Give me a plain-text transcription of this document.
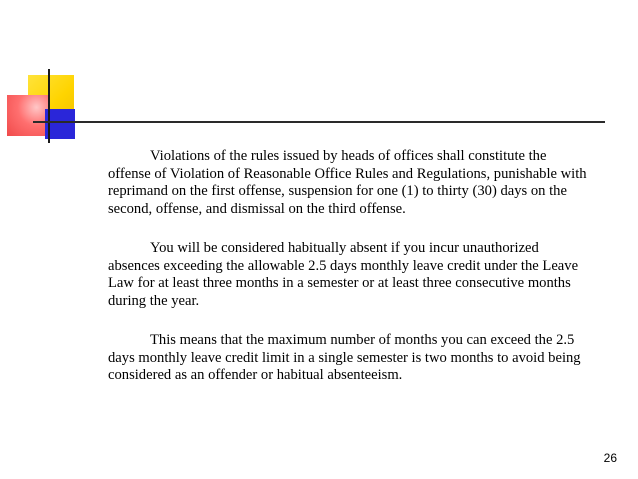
Violations of the rules issued by heads of offices shall constitute the offense of Violation of Reasonable Office Rules and Regulations, punishable with reprimand on the first offense, suspension for one (1) to thirty (30) days on the second, offense, and dismissal on the third offense.

You will be considered habitually absent if you incur unauthorized absences exceeding the allowable 2.5 days monthly leave credit under the Leave Law for at least three months in a semester or at least three consecutive months during the year.

This means that the maximum number of months you can exceed the 2.5 days monthly leave credit limit in a single semester is two months to avoid being considered as an offender or habitual absenteeism.

26
